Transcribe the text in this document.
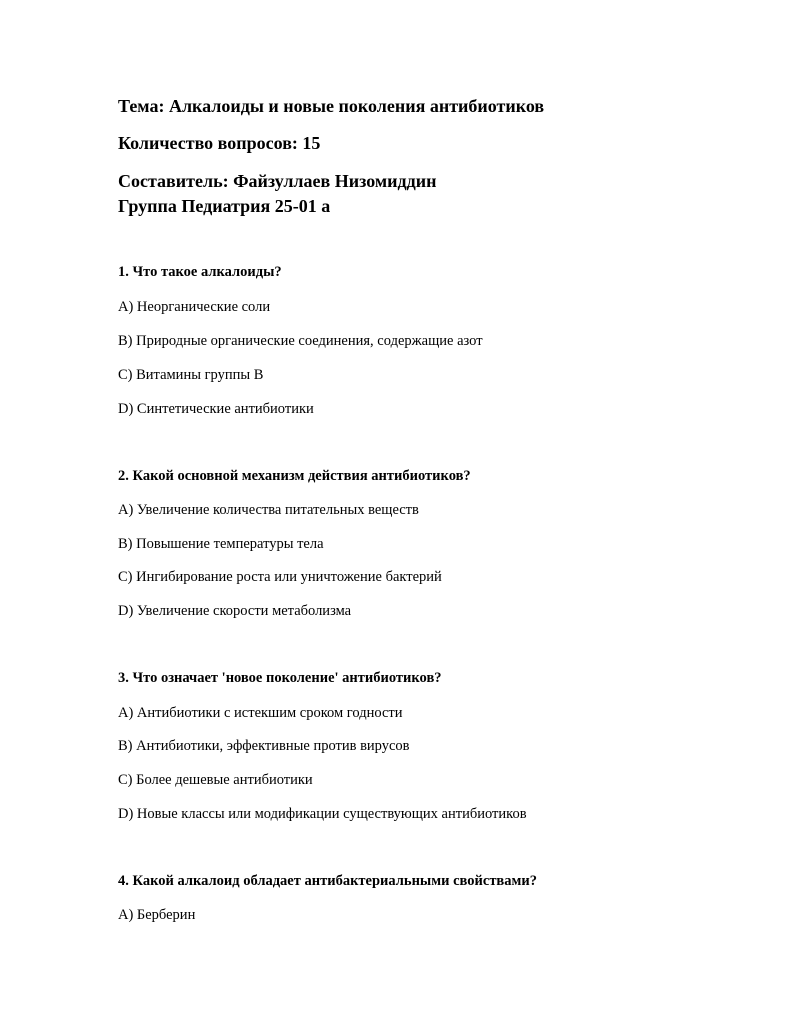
Тема: Алкалоиды и новые поколения антибиотиков
Количество вопросов: 15
Составитель: Файзуллаев Низомиддин
Группа Педиатрия 25-01 а
1. Что такое алкалоиды?
A) Неорганические соли
B) Природные органические соединения, содержащие азот
C) Витамины группы B
D) Синтетические антибиотики
2. Какой основной механизм действия антибиотиков?
A) Увеличение количества питательных веществ
B) Повышение температуры тела
C) Ингибирование роста или уничтожение бактерий
D) Увеличение скорости метаболизма
3. Что означает 'новое поколение' антибиотиков?
A) Антибиотики с истекшим сроком годности
B) Антибиотики, эффективные против вирусов
C) Более дешевые антибиотики
D) Новые классы или модификации существующих антибиотиков
4. Какой алкалоид обладает антибактериальными свойствами?
A) Берберин
